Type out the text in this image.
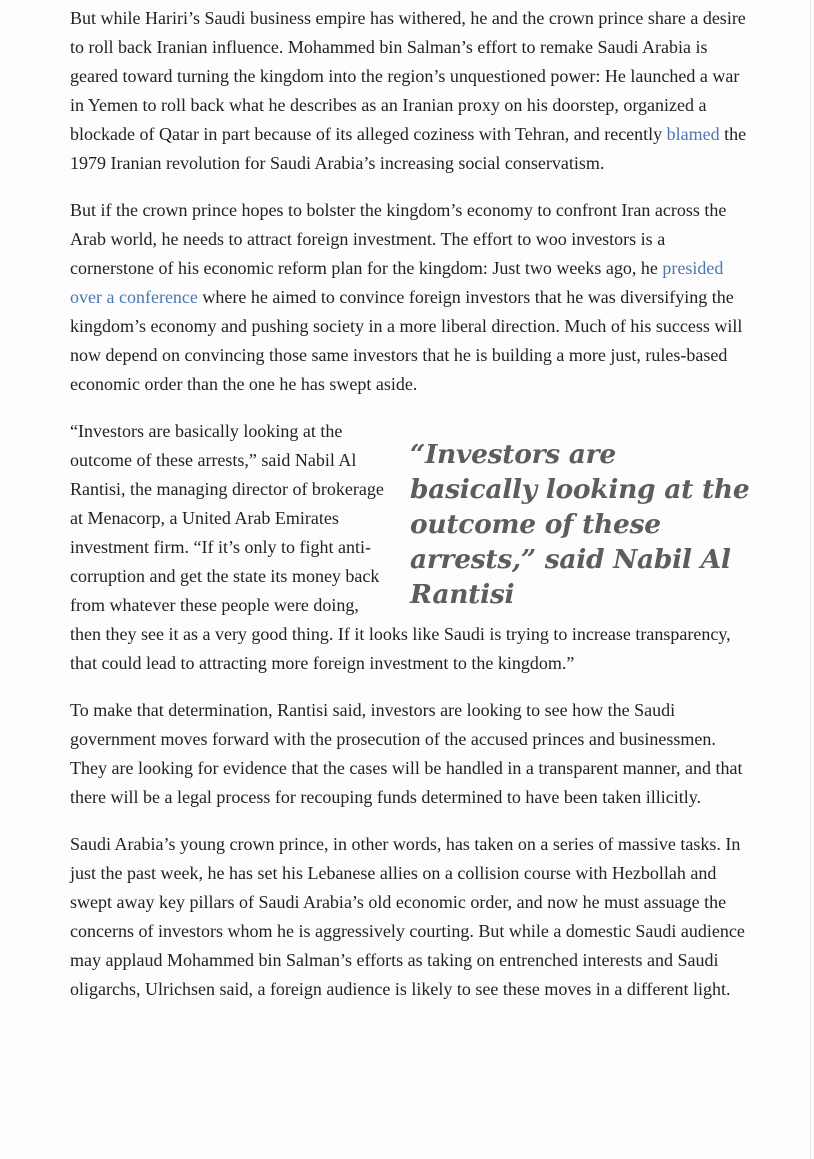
But while Hariri’s Saudi business empire has withered, he and the crown prince share a desire to roll back Iranian influence. Mohammed bin Salman’s effort to remake Saudi Arabia is geared toward turning the kingdom into the region’s unquestioned power: He launched a war in Yemen to roll back what he describes as an Iranian proxy on his doorstep, organized a blockade of Qatar in part because of its alleged coziness with Tehran, and recently blamed the 1979 Iranian revolution for Saudi Arabia’s increasing social conservatism.

But if the crown prince hopes to bolster the kingdom’s economy to confront Iran across the Arab world, he needs to attract foreign investment. The effort to woo investors is a cornerstone of his economic reform plan for the kingdom: Just two weeks ago, he presided over a conference where he aimed to convince foreign investors that he was diversifying the kingdom’s economy and pushing society in a more liberal direction. Much of his success will now depend on convincing those same investors that he is building a more just, rules-based economic order than the one he has swept aside.

“Investors are basically looking at the outcome of these arrests,” said Nabil Al Rantisi

“Investors are basically looking at the outcome of these arrests,” said Nabil Al Rantisi, the managing director of brokerage at Menacorp, a United Arab Emirates investment firm. “If it’s only to fight anti-corruption and get the state its money back from whatever these people were doing, then they see it as a very good thing. If it looks like Saudi is trying to increase transparency, that could lead to attracting more foreign investment to the kingdom.”

To make that determination, Rantisi said, investors are looking to see how the Saudi government moves forward with the prosecution of the accused princes and businessmen. They are looking for evidence that the cases will be handled in a transparent manner, and that there will be a legal process for recouping funds determined to have been taken illicitly.

Saudi Arabia’s young crown prince, in other words, has taken on a series of massive tasks. In just the past week, he has set his Lebanese allies on a collision course with Hezbollah and swept away key pillars of Saudi Arabia’s old economic order, and now he must assuage the concerns of investors whom he is aggressively courting. But while a domestic Saudi audience may applaud Mohammed bin Salman’s efforts as taking on entrenched interests and Saudi oligarchs, Ulrichsen said, a foreign audience is likely to see these moves in a different light.
